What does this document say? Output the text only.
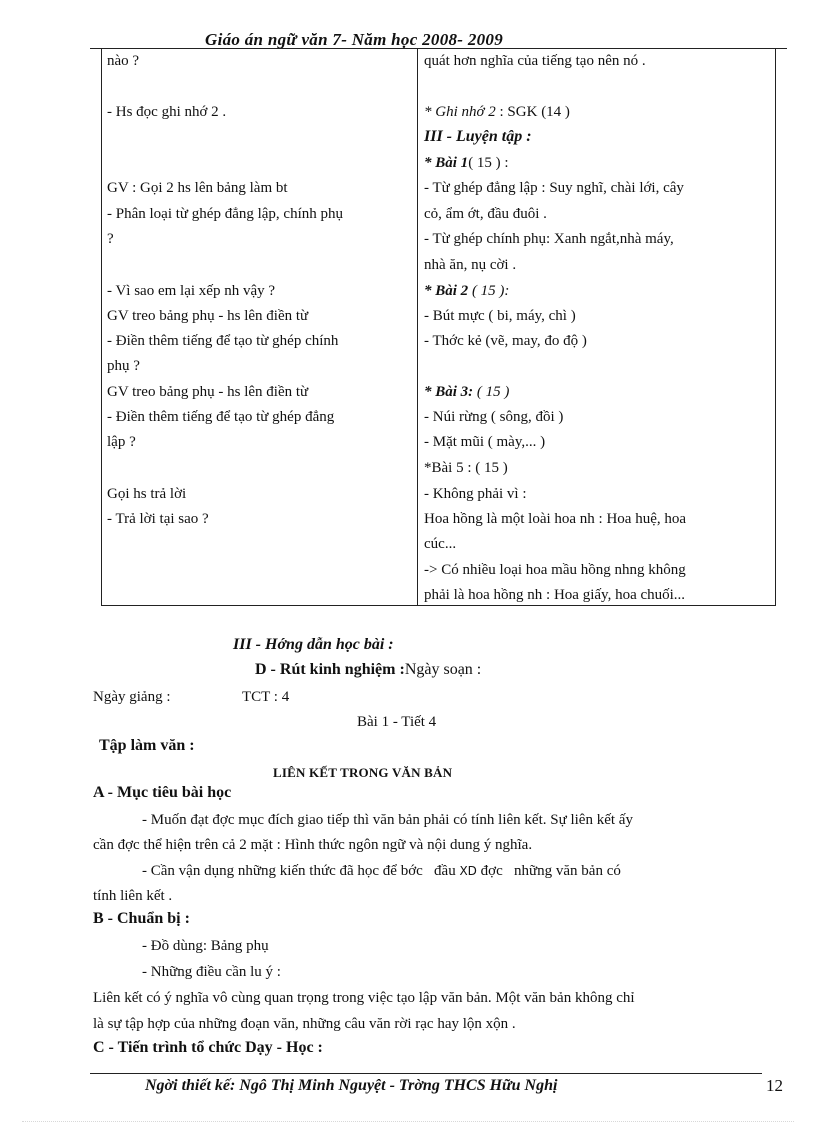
Giáo án ngữ văn 7- Năm học 2008- 2009
nào ?
- Hs đọc ghi nhớ 2 .
GV : Gọi 2 hs lên bảng làm bt
- Phân loại từ ghép đẳng lập, chính phụ
?
- Vì sao em lại xếp nh vậy ?
GV treo bảng phụ - hs lên điền từ
- Điền thêm tiếng để tạo từ ghép chính
phụ ?
GV treo bảng phụ - hs lên điền từ
- Điền thêm tiếng để tạo từ ghép đẳng
lập ?
Gọi hs trả lời
- Trả lời tại sao ?
quát hơn nghĩa của tiếng tạo nên nó .
* Ghi nhớ 2 : SGK (14 )
III - Luyện tập :
* Bài 1( 15 ) :
- Từ ghép đẳng lập : Suy nghĩ, chài lới, cây
cỏ, ẩm ớt, đầu đuôi .
- Từ ghép chính phụ: Xanh ngắt,nhà máy,
nhà ăn, nụ cời .
* Bài 2 ( 15 ):
- Bút mực ( bi, máy, chì )
- Thớc kẻ (vẽ, may, đo độ )
* Bài 3: ( 15 )
- Núi rừng ( sông, đồi )
- Mặt mũi ( mày,... )
*Bài 5 : ( 15 )
- Không phải vì :
Hoa hồng là một loài hoa nh : Hoa huệ, hoa
cúc...
-> Có nhiều loại hoa mầu hồng nhng không
phải là hoa hồng nh : Hoa giấy, hoa chuối...
III - Hớng dẫn học bài :
D - Rút kinh nghiệm :Ngày soạn :
Ngày giảng :	TCT : 4
Bài 1 - Tiết 4
Tập làm văn :
LIÊN KẾT TRONG VĂN BẢN
A - Mục tiêu bài học
- Muốn đạt đợc mục đích giao tiếp thì văn bản phải có tính liên kết. Sự liên kết ấy
cần đợc thể hiện trên cả 2 mặt : Hình thức ngôn ngữ và nội dung ý nghĩa.
- Cần vận dụng những kiến thức đã học để bớc   đầu XD đợc   những văn bản có
tính liên kết .
B - Chuẩn bị :
- Đồ dùng: Bảng phụ
- Những điều cần lu ý :
Liên kết có ý nghĩa vô cùng quan trọng trong việc tạo lập văn bản. Một văn bản không chỉ
là sự tập hợp của những đoạn văn, những câu văn rời rạc hay lộn xộn .
C - Tiến trình tổ chức Dạy - Học :
Ngời thiết kế: Ngô Thị Minh Nguyệt - Trờng THCS Hữu Nghị	12
